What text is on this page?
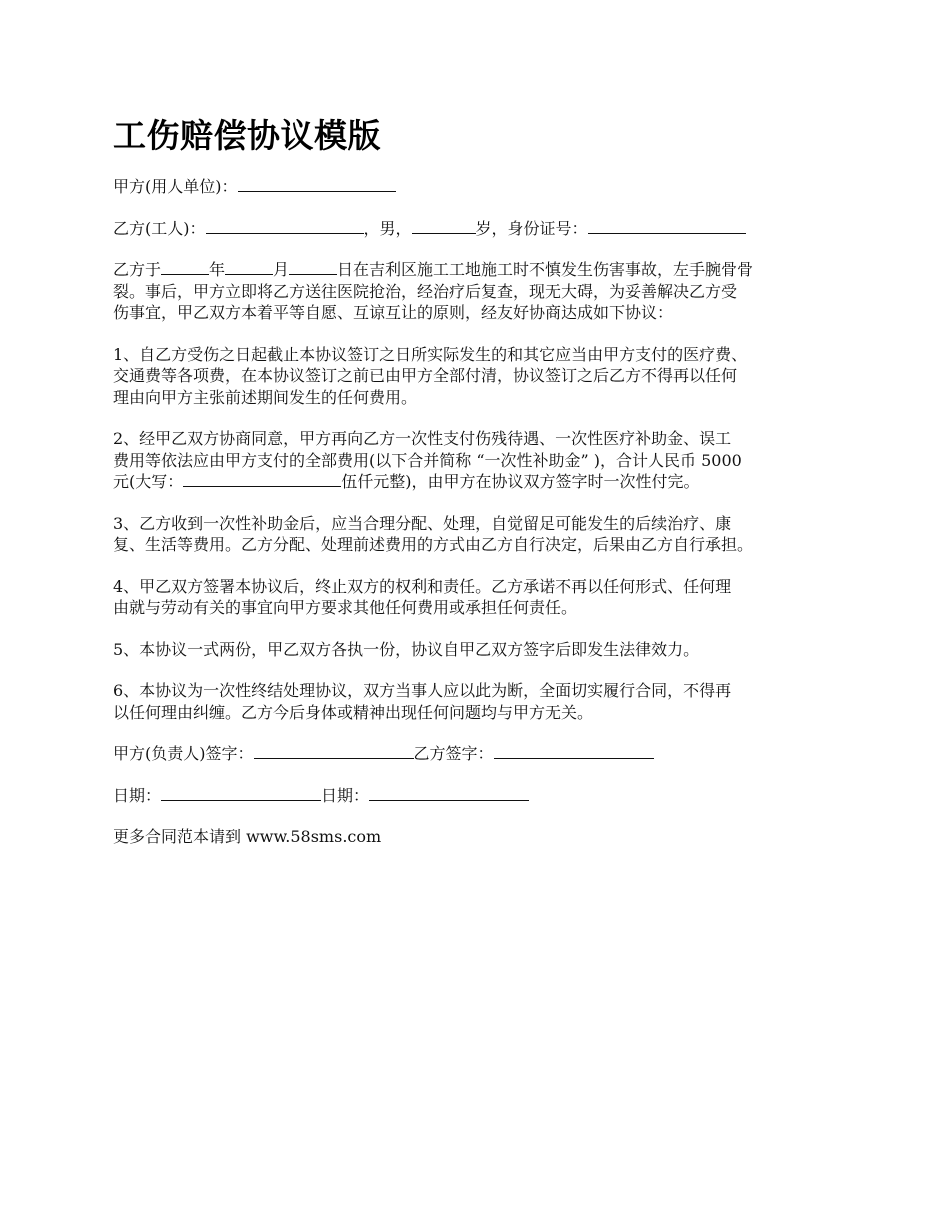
工伤赔偿协议模版

甲方(用人单位)：

乙方(工人)：	，男，	岁，身份证号：

乙方于	年	月	日在吉利区施工工地施工时不慎发生伤害事故，左手腕骨骨
裂。事后，甲方立即将乙方送往医院抢治，经治疗后复查，现无大碍，为妥善解决乙方受
伤事宜，甲乙双方本着平等自愿、互谅互让的原则，经友好协商达成如下协议：

1、自乙方受伤之日起截止本协议签订之日所实际发生的和其它应当由甲方支付的医疗费、
交通费等各项费，在本协议签订之前已由甲方全部付清，协议签订之后乙方不得再以任何
理由向甲方主张前述期间发生的任何费用。

2、经甲乙双方协商同意，甲方再向乙方一次性支付伤残待遇、一次性医疗补助金、误工
费用等依法应由甲方支付的全部费用(以下合并简称 “一次性补助金” )，合计人民币 5000
元(大写：	伍仟元整)，由甲方在协议双方签字时一次性付完。

3、乙方收到一次性补助金后，应当合理分配、处理，自觉留足可能发生的后续治疗、康
复、生活等费用。乙方分配、处理前述费用的方式由乙方自行决定，后果由乙方自行承担。

4、甲乙双方签署本协议后，终止双方的权利和责任。乙方承诺不再以任何形式、任何理
由就与劳动有关的事宜向甲方要求其他任何费用或承担任何责任。

5、本协议一式两份，甲乙双方各执一份，协议自甲乙双方签字后即发生法律效力。

6、本协议为一次性终结处理协议，双方当事人应以此为断，全面切实履行合同，不得再
以任何理由纠缠。乙方今后身体或精神出现任何问题均与甲方无关。

甲方(负责人)签字：	乙方签字：

日期：	日期：

更多合同范本请到 www.58sms.com
